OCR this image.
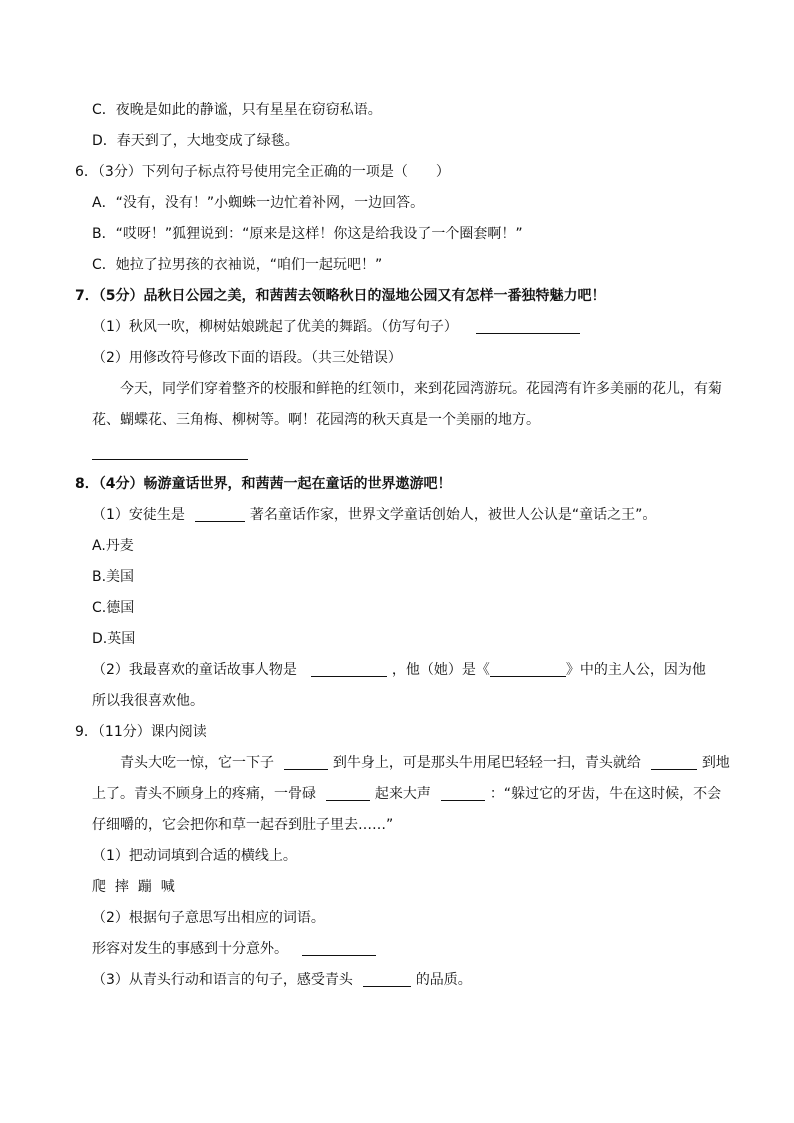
C．夜晚是如此的静谧，只有星星在窃窃私语。
D．春天到了，大地变成了绿毯。
6．（3分）下列句子标点符号使用完全正确的一项是（　　）
A．“没有，没有！”小蜘蛛一边忙着补网，一边回答。
B．“哎呀！”狐狸说到：“原来是这样！你这是给我设了一个圈套啊！”
C．她拉了拉男孩的衣袖说，“咱们一起玩吧！”
7．（5分）品秋日公园之美，和茜茜去领略秋日的湿地公园又有怎样一番独特魅力吧！
（1）秋风一吹，柳树姑娘跳起了优美的舞蹈。（仿写句子）
（2）用修改符号修改下面的语段。（共三处错误）
今天，同学们穿着整齐的校服和鲜艳的红领巾，来到花园湾游玩。花园湾有许多美丽的花儿，有菊
花、蝴蝶花、三角梅、柳树等。啊！花园湾的秋天真是一个美丽的地方。
8．（4分）畅游童话世界，和茜茜一起在童话的世界遨游吧！
（1）安徒生是	著名童话作家，世界文学童话创始人，被世人公认是“童话之王”。
A.丹麦
B.美国
C.德国
D.英国
（2）我最喜欢的童话故事人物是	，他（她）是《	》中的主人公，因为他
所以我很喜欢他。
9．（11分）课内阅读
青头大吃一惊，它一下子	到牛身上，可是那头牛用尾巴轻轻一扫，青头就给	到地
上了。青头不顾身上的疼痛，一骨碌	起来大声	：“躲过它的牙齿，牛在这时候，不会
仔细嚼的，它会把你和草一起吞到肚子里去……”
（1）把动词填到合适的横线上。
爬  摔  蹦  喊
（2）根据句子意思写出相应的词语。
形容对发生的事感到十分意外。
（3）从青头行动和语言的句子，感受青头	的品质。
